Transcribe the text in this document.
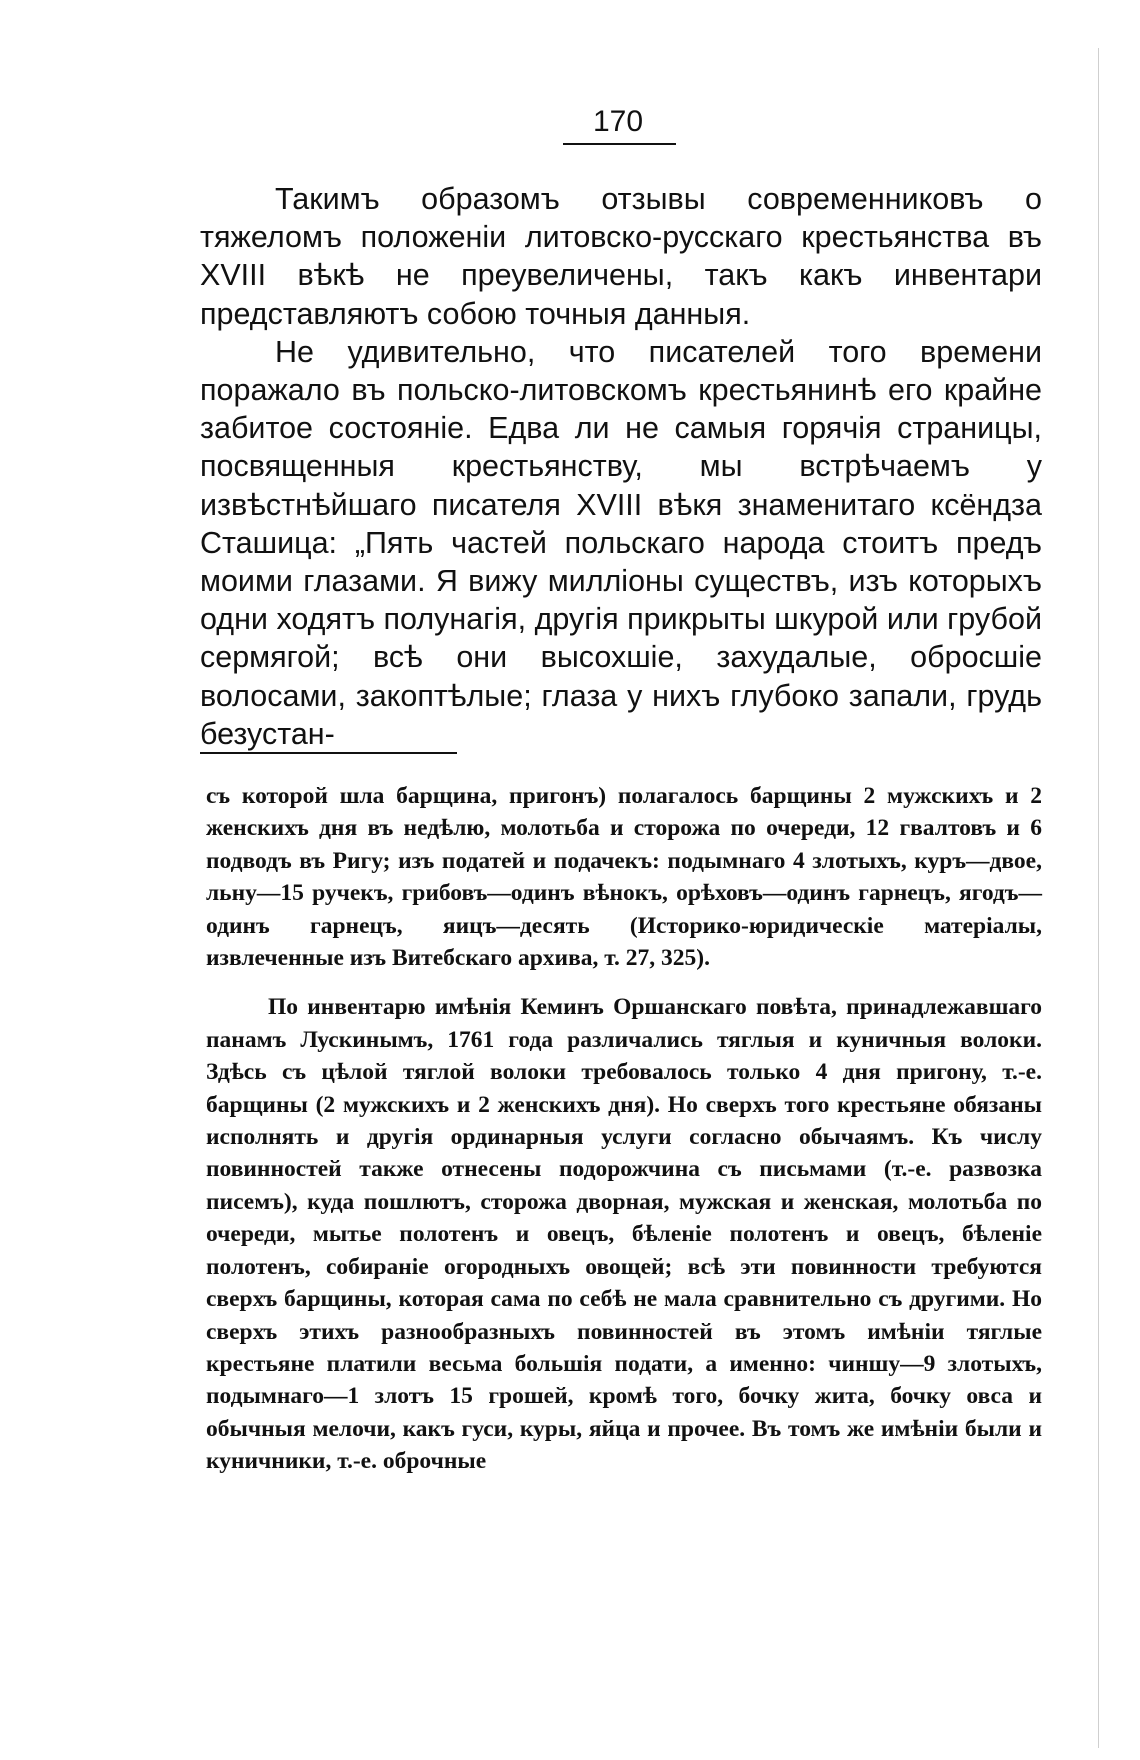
170

Такимъ образомъ отзывы современниковъ о тяжеломъ положеніи литовско-русскаго крестьянства въ XVIII вѣкѣ не преувеличены, такъ какъ инвентари представляютъ собою точныя данныя.

Не удивительно, что писателей того времени поражало въ польско-литовскомъ крестьянинѣ его крайне забитое состояніе. Едва ли не самыя горячія страницы, посвященныя крестьянству, мы встрѣчаемъ у извѣстнѣйшаго писателя XVIII вѣкя знаменитаго ксёндза Сташица: „Пять частей польскаго народа стоитъ предъ моими глазами. Я вижу милліоны существъ, изъ которыхъ одни ходятъ полунагія, другія прикрыты шкурой или грубой сермягой; всѣ они высохшіе, захудалые, обросшіе волосами, закоптѣлые; глаза у нихъ глубоко запали, грудь безустан-

съ которой шла барщина, пригонъ) полагалось барщины 2 мужскихъ и 2 женскихъ дня въ недѣлю, молотьба и сторожа по очереди, 12 гвалтовъ и 6 подводъ въ Ригу; изъ податей и подачекъ: подымнаго 4 злотыхъ, куръ—двое, льну—15 ручекъ, грибовъ—одинъ вѣнокъ, орѣховъ—одинъ гарнецъ, ягодъ—одинъ гарнецъ, яицъ—десять (Историко-юридическіе матеріалы, извлеченные изъ Витебскаго архива, т. 27, 325).

По инвентарю имѣнія Кеминъ Оршанскаго повѣта, принадлежавшаго панамъ Лускинымъ, 1761 года различались тяглыя и куничныя волоки. Здѣсь съ цѣлой тяглой волоки требовалось только 4 дня пригону, т.-е. барщины (2 мужскихъ и 2 женскихъ дня). Но сверхъ того крестьяне обязаны исполнять и другія ординарныя услуги согласно обычаямъ. Къ числу повинностей также отнесены подорожчина съ письмами (т.-е. развозка писемъ), куда пошлютъ, сторожа дворная, мужская и женская, молотьба по очереди, мытье полотенъ и овецъ, бѣленіе полотенъ и овецъ, бѣленіе полотенъ, собираніе огородныхъ овощей; всѣ эти повинности требуются сверхъ барщины, которая сама по себѣ не мала сравнительно съ другими. Но сверхъ этихъ разнообразныхъ повинностей въ этомъ имѣніи тяглые крестьяне платили весьма большія подати, а именно: чиншу—9 злотыхъ, подымнаго—1 злотъ 15 грошей, кромѣ того, бочку жита, бочку овса и обычныя мелочи, какъ гуси, куры, яйца и прочее. Въ томъ же имѣніи были и куничники, т.-е. оброчные
